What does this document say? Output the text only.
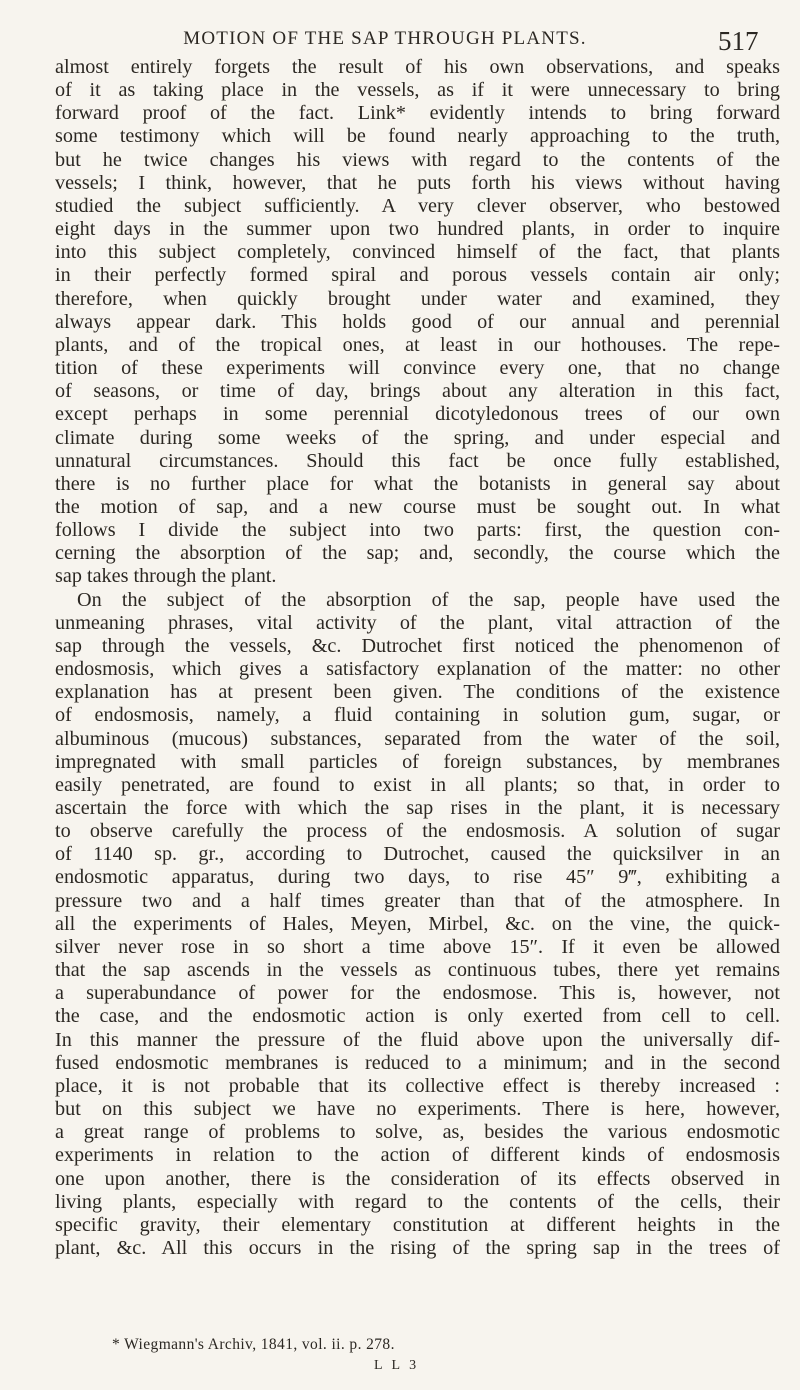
MOTION OF THE SAP THROUGH PLANTS.	517
almost entirely forgets the result of his own observations, and speaks
of it as taking place in the vessels, as if it were unnecessary to bring
forward proof of the fact. Link* evidently intends to bring forward
some testimony which will be found nearly approaching to the truth,
but he twice changes his views with regard to the contents of the
vessels; I think, however, that he puts forth his views without having
studied the subject sufficiently. A very clever observer, who bestowed
eight days in the summer upon two hundred plants, in order to inquire
into this subject completely, convinced himself of the fact, that plants
in their perfectly formed spiral and porous vessels contain air only;
therefore, when quickly brought under water and examined, they
always appear dark. This holds good of our annual and perennial
plants, and of the tropical ones, at least in our hothouses. The repe-
tition of these experiments will convince every one, that no change
of seasons, or time of day, brings about any alteration in this fact,
except perhaps in some perennial dicotyledonous trees of our own
climate during some weeks of the spring, and under especial and
unnatural circumstances. Should this fact be once fully established,
there is no further place for what the botanists in general say about
the motion of sap, and a new course must be sought out. In what
follows I divide the subject into two parts: first, the question con-
cerning the absorption of the sap; and, secondly, the course which the
sap takes through the plant.
On the subject of the absorption of the sap, people have used the
unmeaning phrases, vital activity of the plant, vital attraction of the
sap through the vessels, &c. Dutrochet first noticed the phenomenon of
endosmosis, which gives a satisfactory explanation of the matter: no other
explanation has at present been given. The conditions of the existence
of endosmosis, namely, a fluid containing in solution gum, sugar, or
albuminous (mucous) substances, separated from the water of the soil,
impregnated with small particles of foreign substances, by membranes
easily penetrated, are found to exist in all plants; so that, in order to
ascertain the force with which the sap rises in the plant, it is necessary
to observe carefully the process of the endosmosis. A solution of sugar
of 1140 sp. gr., according to Dutrochet, caused the quicksilver in an
endosmotic apparatus, during two days, to rise 45″ 9‴, exhibiting a
pressure two and a half times greater than that of the atmosphere. In
all the experiments of Hales, Meyen, Mirbel, &c. on the vine, the quick-
silver never rose in so short a time above 15″. If it even be allowed
that the sap ascends in the vessels as continuous tubes, there yet remains
a superabundance of power for the endosmose. This is, however, not
the case, and the endosmotic action is only exerted from cell to cell.
In this manner the pressure of the fluid above upon the universally dif-
fused endosmotic membranes is reduced to a minimum; and in the second
place, it is not probable that its collective effect is thereby increased :
but on this subject we have no experiments. There is here, however,
a great range of problems to solve, as, besides the various endosmotic
experiments in relation to the action of different kinds of endosmosis
one upon another, there is the consideration of its effects observed in
living plants, especially with regard to the contents of the cells, their
specific gravity, their elementary constitution at different heights in the
plant, &c. All this occurs in the rising of the spring sap in the trees of
* Wiegmann's Archiv, 1841, vol. ii. p. 278.
L L 3
